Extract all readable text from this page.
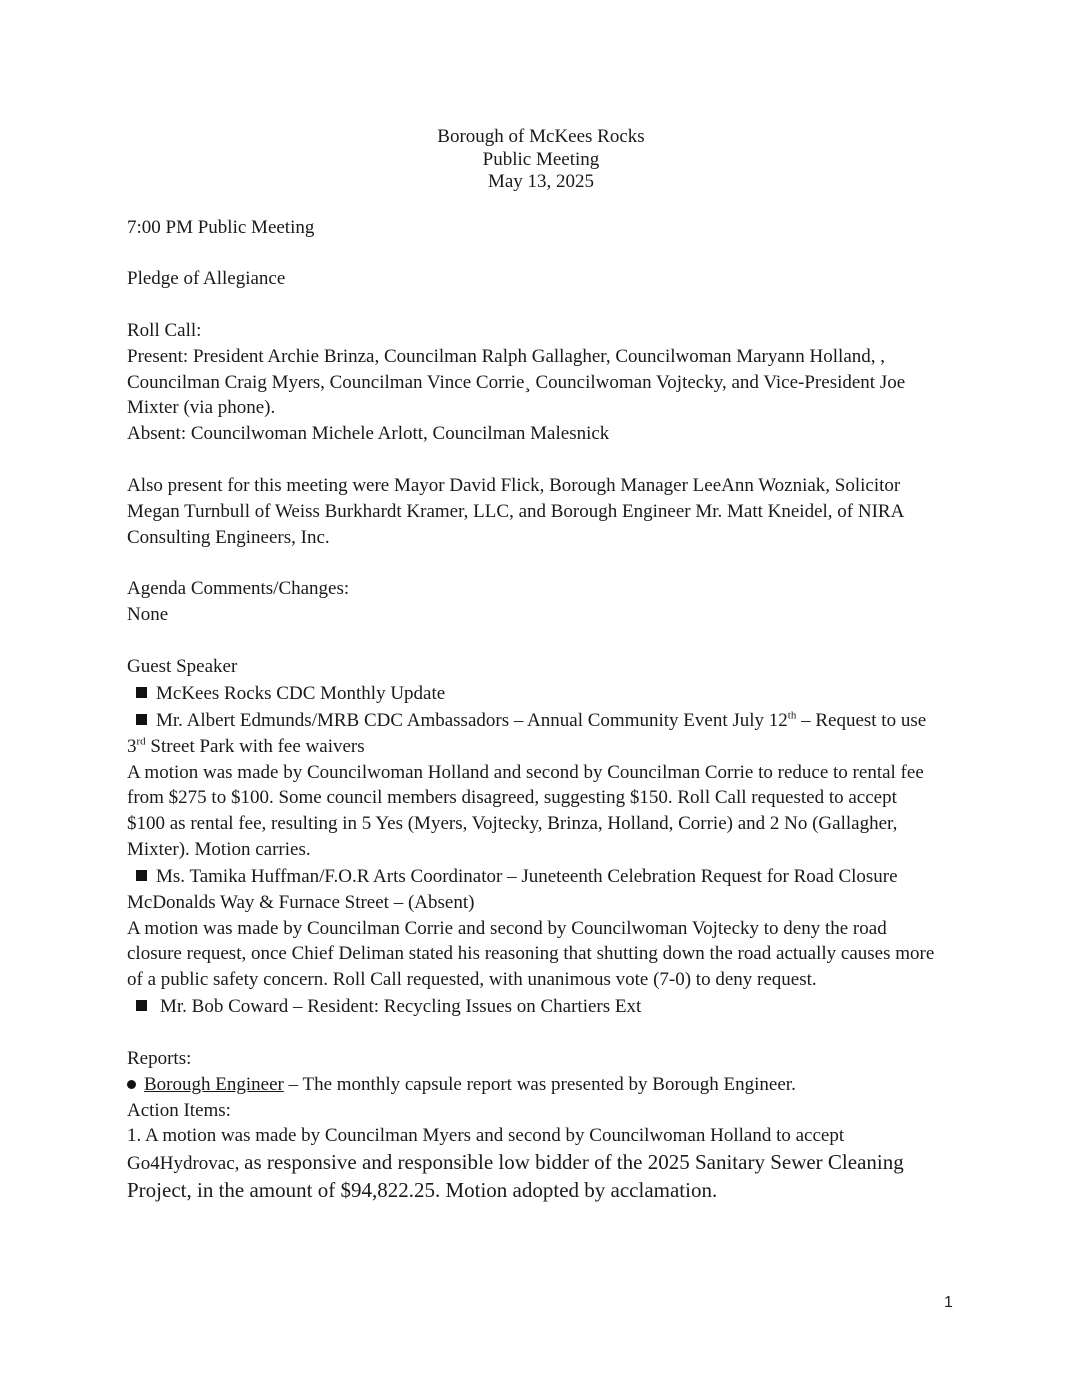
Borough of McKees Rocks
Public Meeting
May 13, 2025
7:00 PM Public Meeting
Pledge of Allegiance
Roll Call:
Present: President Archie Brinza, Councilman Ralph Gallagher, Councilwoman Maryann Holland, ,
Councilman Craig Myers, Councilman Vince Corrie¸ Councilwoman Vojtecky, and Vice-President Joe
Mixter (via phone).
Absent: Councilwoman Michele Arlott, Councilman Malesnick
Also present for this meeting were Mayor David Flick, Borough Manager LeeAnn Wozniak, Solicitor
Megan Turnbull of Weiss Burkhardt Kramer, LLC, and Borough Engineer Mr. Matt Kneidel, of NIRA
Consulting Engineers, Inc.
Agenda Comments/Changes:
None
Guest Speaker
McKees Rocks CDC Monthly Update
Mr. Albert Edmunds/MRB CDC Ambassadors – Annual Community Event July 12th – Request to use
3rd Street Park with fee waivers
A motion was made by Councilwoman Holland and second by Councilman Corrie to reduce to rental fee
from $275 to $100. Some council members disagreed, suggesting $150. Roll Call requested to accept
$100 as rental fee, resulting in 5 Yes (Myers, Vojtecky, Brinza, Holland, Corrie) and 2 No (Gallagher,
Mixter). Motion carries.
Ms. Tamika Huffman/F.O.R Arts Coordinator – Juneteenth Celebration Request for Road Closure
McDonalds Way & Furnace Street – (Absent)
A motion was made by Councilman Corrie and second by Councilwoman Vojtecky to deny the road
closure request, once Chief Deliman stated his reasoning that shutting down the road actually causes more
of a public safety concern. Roll Call requested, with unanimous vote (7-0) to deny request.
Mr. Bob Coward – Resident: Recycling Issues on Chartiers Ext
Reports:
Borough Engineer – The monthly capsule report was presented by Borough Engineer.
Action Items:
1. A motion was made by Councilman Myers and second by Councilwoman Holland to accept
Go4Hydrovac, as responsive and responsible low bidder of the 2025 Sanitary Sewer Cleaning
Project, in the amount of $94,822.25. Motion adopted by acclamation.
1
